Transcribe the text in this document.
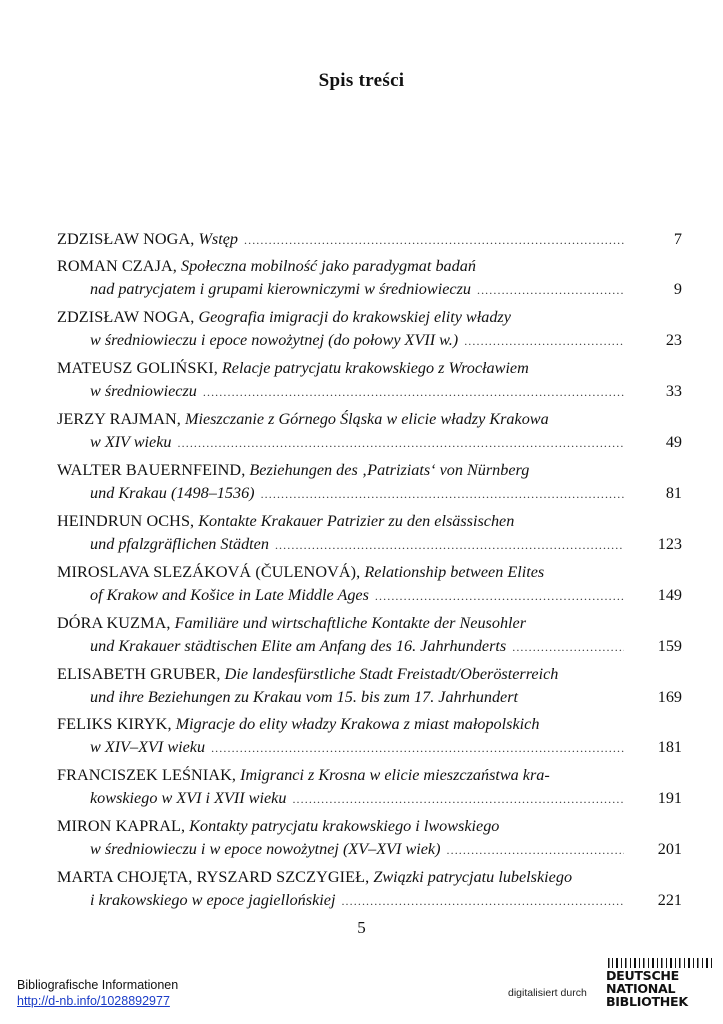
Spis treści
ZDZISŁAW NOGA,
Wstęp .....	7
ROMAN CZAJA, Społeczna mobilność jako paradygmat badań
nad patrycjatem i grupami kierowniczymi w średniowieczu .....	9
ZDZISŁAW NOGA, Geografia imigracji do krakowskiej elity władzy
w średniowieczu i epoce nowożytnej (do połowy XVII w.) .....	23
MATEUSZ GOLIŃSKI, Relacje patrycjatu krakowskiego z Wrocławiem
w średniowieczu .....	33
JERZY RAJMAN, Mieszczanie z Górnego Śląska w elicie władzy Krakowa
w XIV wieku .....	49
WALTER BAUERNFEIND, Beziehungen des ‚Patriziats‘ von Nürnberg
und Krakau (1498–1536) .....	81
HEINDRUN OCHS, Kontakte Krakauer Patrizier zu den elsässischen
und pfalzgräflichen Städten .....	123
MIROSLAVA SLEZÁKOVÁ (ČULENOVÁ), Relationship between Elites
of Krakow and Košice in Late Middle Ages .....	149
DÓRA KUZMA, Familiäre und wirtschaftliche Kontakte der Neusohler
und Krakauer städtischen Elite am Anfang des 16. Jahrhunderts .....	159
ELISABETH GRUBER, Die landesfürstliche Stadt Freistadt/Oberösterreich
und ihre Beziehungen zu Krakau vom 15. bis zum 17. Jahrhundert	169
FELIKS KIRYK, Migracje do elity władzy Krakowa z miast małopolskich
w XIV–XVI wieku .....	181
FRANCISZEK LEŚNIAK, Imigranci z Krosna w elicie mieszczaństwa kra-
kowskiego w XVI i XVII wieku .....	191
MIRON KAPRAL, Kontakty patrycjatu krakowskiego i lwowskiego
w średniowieczu i w epoce nowożytnej (XV–XVI wiek) .....	201
MARTA CHOJĘTA, RYSZARD SZCZYGIEŁ, Związki patrycjatu lubelskiego
i krakowskiego w epoce jagiellońskiej .....	221
5
Bibliografische Informationen
http://d-nb.info/1028892977
digitalisiert durch
DEUTSCHE
NATIONAL
BIBLIOTHEK
